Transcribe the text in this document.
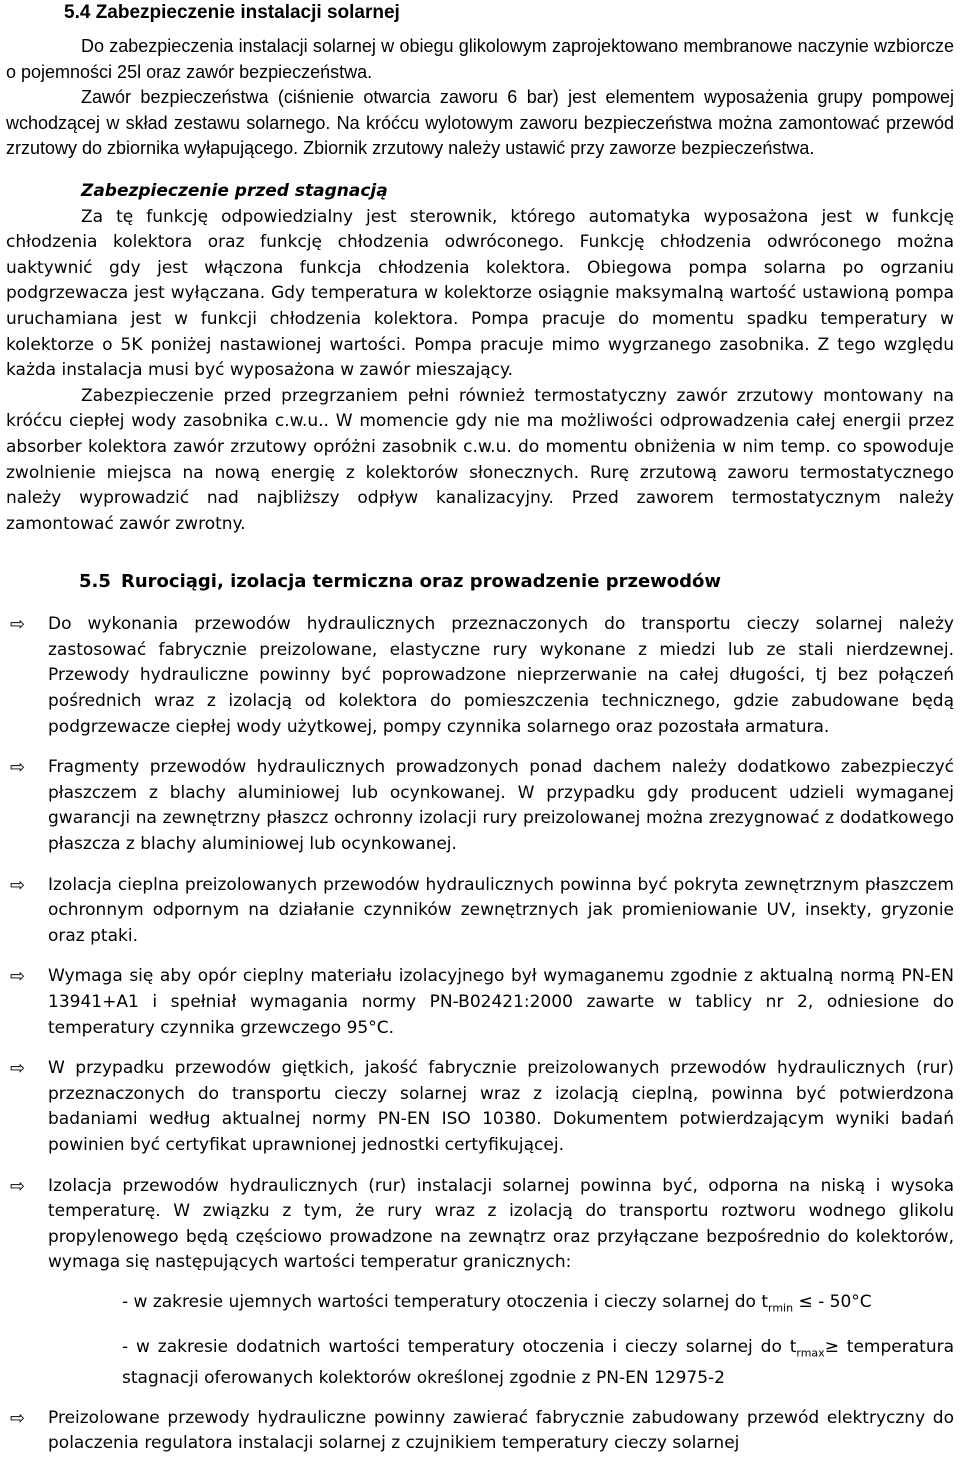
5.4 Zabezpieczenie instalacji solarnej

Do zabezpieczenia instalacji solarnej w obiegu glikolowym zaprojektowano membranowe naczynie wzbiorcze o pojemności 25l oraz zawór bezpieczeństwa.

Zawór bezpieczeństwa (ciśnienie otwarcia zaworu 6 bar) jest elementem wyposażenia grupy pompowej wchodzącej w skład zestawu solarnego. Na króćcu wylotowym zaworu bezpieczeństwa można zamontować przewód zrzutowy do zbiornika wyłapującego. Zbiornik zrzutowy należy ustawić przy zaworze bezpieczeństwa.

Zabezpieczenie przed stagnacją

Za tę funkcję odpowiedzialny jest sterownik, którego automatyka wyposażona jest w funkcję chłodzenia kolektora oraz funkcję chłodzenia odwróconego. Funkcję chłodzenia odwróconego można uaktywnić gdy jest włączona funkcja chłodzenia kolektora. Obiegowa pompa solarna po ogrzaniu podgrzewacza jest wyłączana. Gdy temperatura w kolektorze osiągnie maksymalną wartość ustawioną pompa uruchamiana jest w funkcji chłodzenia kolektora. Pompa pracuje do momentu spadku temperatury w kolektorze o 5K poniżej nastawionej wartości. Pompa pracuje mimo wygrzanego zasobnika. Z tego względu każda instalacja musi być wyposażona w zawór mieszający.

Zabezpieczenie przed przegrzaniem pełni również termostatyczny zawór zrzutowy montowany na króćcu ciepłej wody zasobnika c.w.u.. W momencie gdy nie ma możliwości odprowadzenia całej energii przez absorber kolektora zawór zrzutowy opróżni zasobnik c.w.u. do momentu obniżenia w nim temp. co spowoduje zwolnienie miejsca na nową energię z kolektorów słonecznych. Rurę zrzutową zaworu termostatycznego należy wyprowadzić nad najbliższy odpływ kanalizacyjny. Przed zaworem termostatycznym należy zamontować zawór zwrotny.

5.5 Rurociągi, izolacja termiczna oraz prowadzenie przewodów
⇨ Do wykonania przewodów hydraulicznych przeznaczonych do transportu cieczy solarnej należy zastosować fabrycznie preizolowane, elastyczne rury wykonane z miedzi lub ze stali nierdzewnej. Przewody hydrauliczne powinny być poprowadzone nieprzerwanie na całej długości, tj bez połączeń pośrednich wraz z izolacją od kolektora do pomieszczenia technicznego, gdzie zabudowane będą podgrzewacze ciepłej wody użytkowej, pompy czynnika solarnego oraz pozostała armatura.

⇨ Fragmenty przewodów hydraulicznych prowadzonych ponad dachem należy dodatkowo zabezpieczyć płaszczem z blachy aluminiowej lub ocynkowanej. W przypadku gdy producent udzieli wymaganej gwarancji na zewnętrzny płaszcz ochronny izolacji rury preizolowanej można zrezygnować z dodatkowego płaszcza z blachy aluminiowej lub ocynkowanej.

⇨ Izolacja cieplna preizolowanych przewodów hydraulicznych powinna być pokryta zewnętrznym płaszczem ochronnym odpornym na działanie czynników zewnętrznych jak promieniowanie UV, insekty, gryzonie oraz ptaki.

⇨ Wymaga się aby opór cieplny materiału izolacyjnego był wymaganemu zgodnie z aktualną normą PN-EN 13941+A1 i spełniał wymagania normy PN-B02421:2000 zawarte w tablicy nr 2, odniesione do temperatury czynnika grzewczego 95°C.

⇨ W przypadku przewodów giętkich, jakość fabrycznie preizolowanych przewodów hydraulicznych (rur) przeznaczonych do transportu cieczy solarnej wraz z izolacją cieplną, powinna być potwierdzona badaniami według aktualnej normy PN-EN ISO 10380. Dokumentem potwierdzającym wyniki badań powinien być certyfikat uprawnionej jednostki certyfikującej.

⇨ Izolacja przewodów hydraulicznych (rur) instalacji solarnej powinna być, odporna na niską i wysoka temperaturę. W związku z tym, że rury wraz z izolacją do transportu roztworu wodnego glikolu propylenowego będą częściowo prowadzone na zewnątrz oraz przyłączane bezpośrednio do kolektorów, wymaga się następujących wartości temperatur granicznych:

- w zakresie ujemnych wartości temperatury otoczenia i cieczy solarnej do $t_{rmin}$ ≤ - 50°C

- w zakresie dodatnich wartości temperatury otoczenia i cieczy solarnej do $t_{rmax}\ge$ temperatura stagnacji oferowanych kolektorów określonej zgodnie z PN-EN 12975-2

⇨ Preizolowane przewody hydrauliczne powinny zawierać fabrycznie zabudowany przewód elektryczny do polaczenia regulatora instalacji solarnej z czujnikiem temperatury cieczy solarnej
